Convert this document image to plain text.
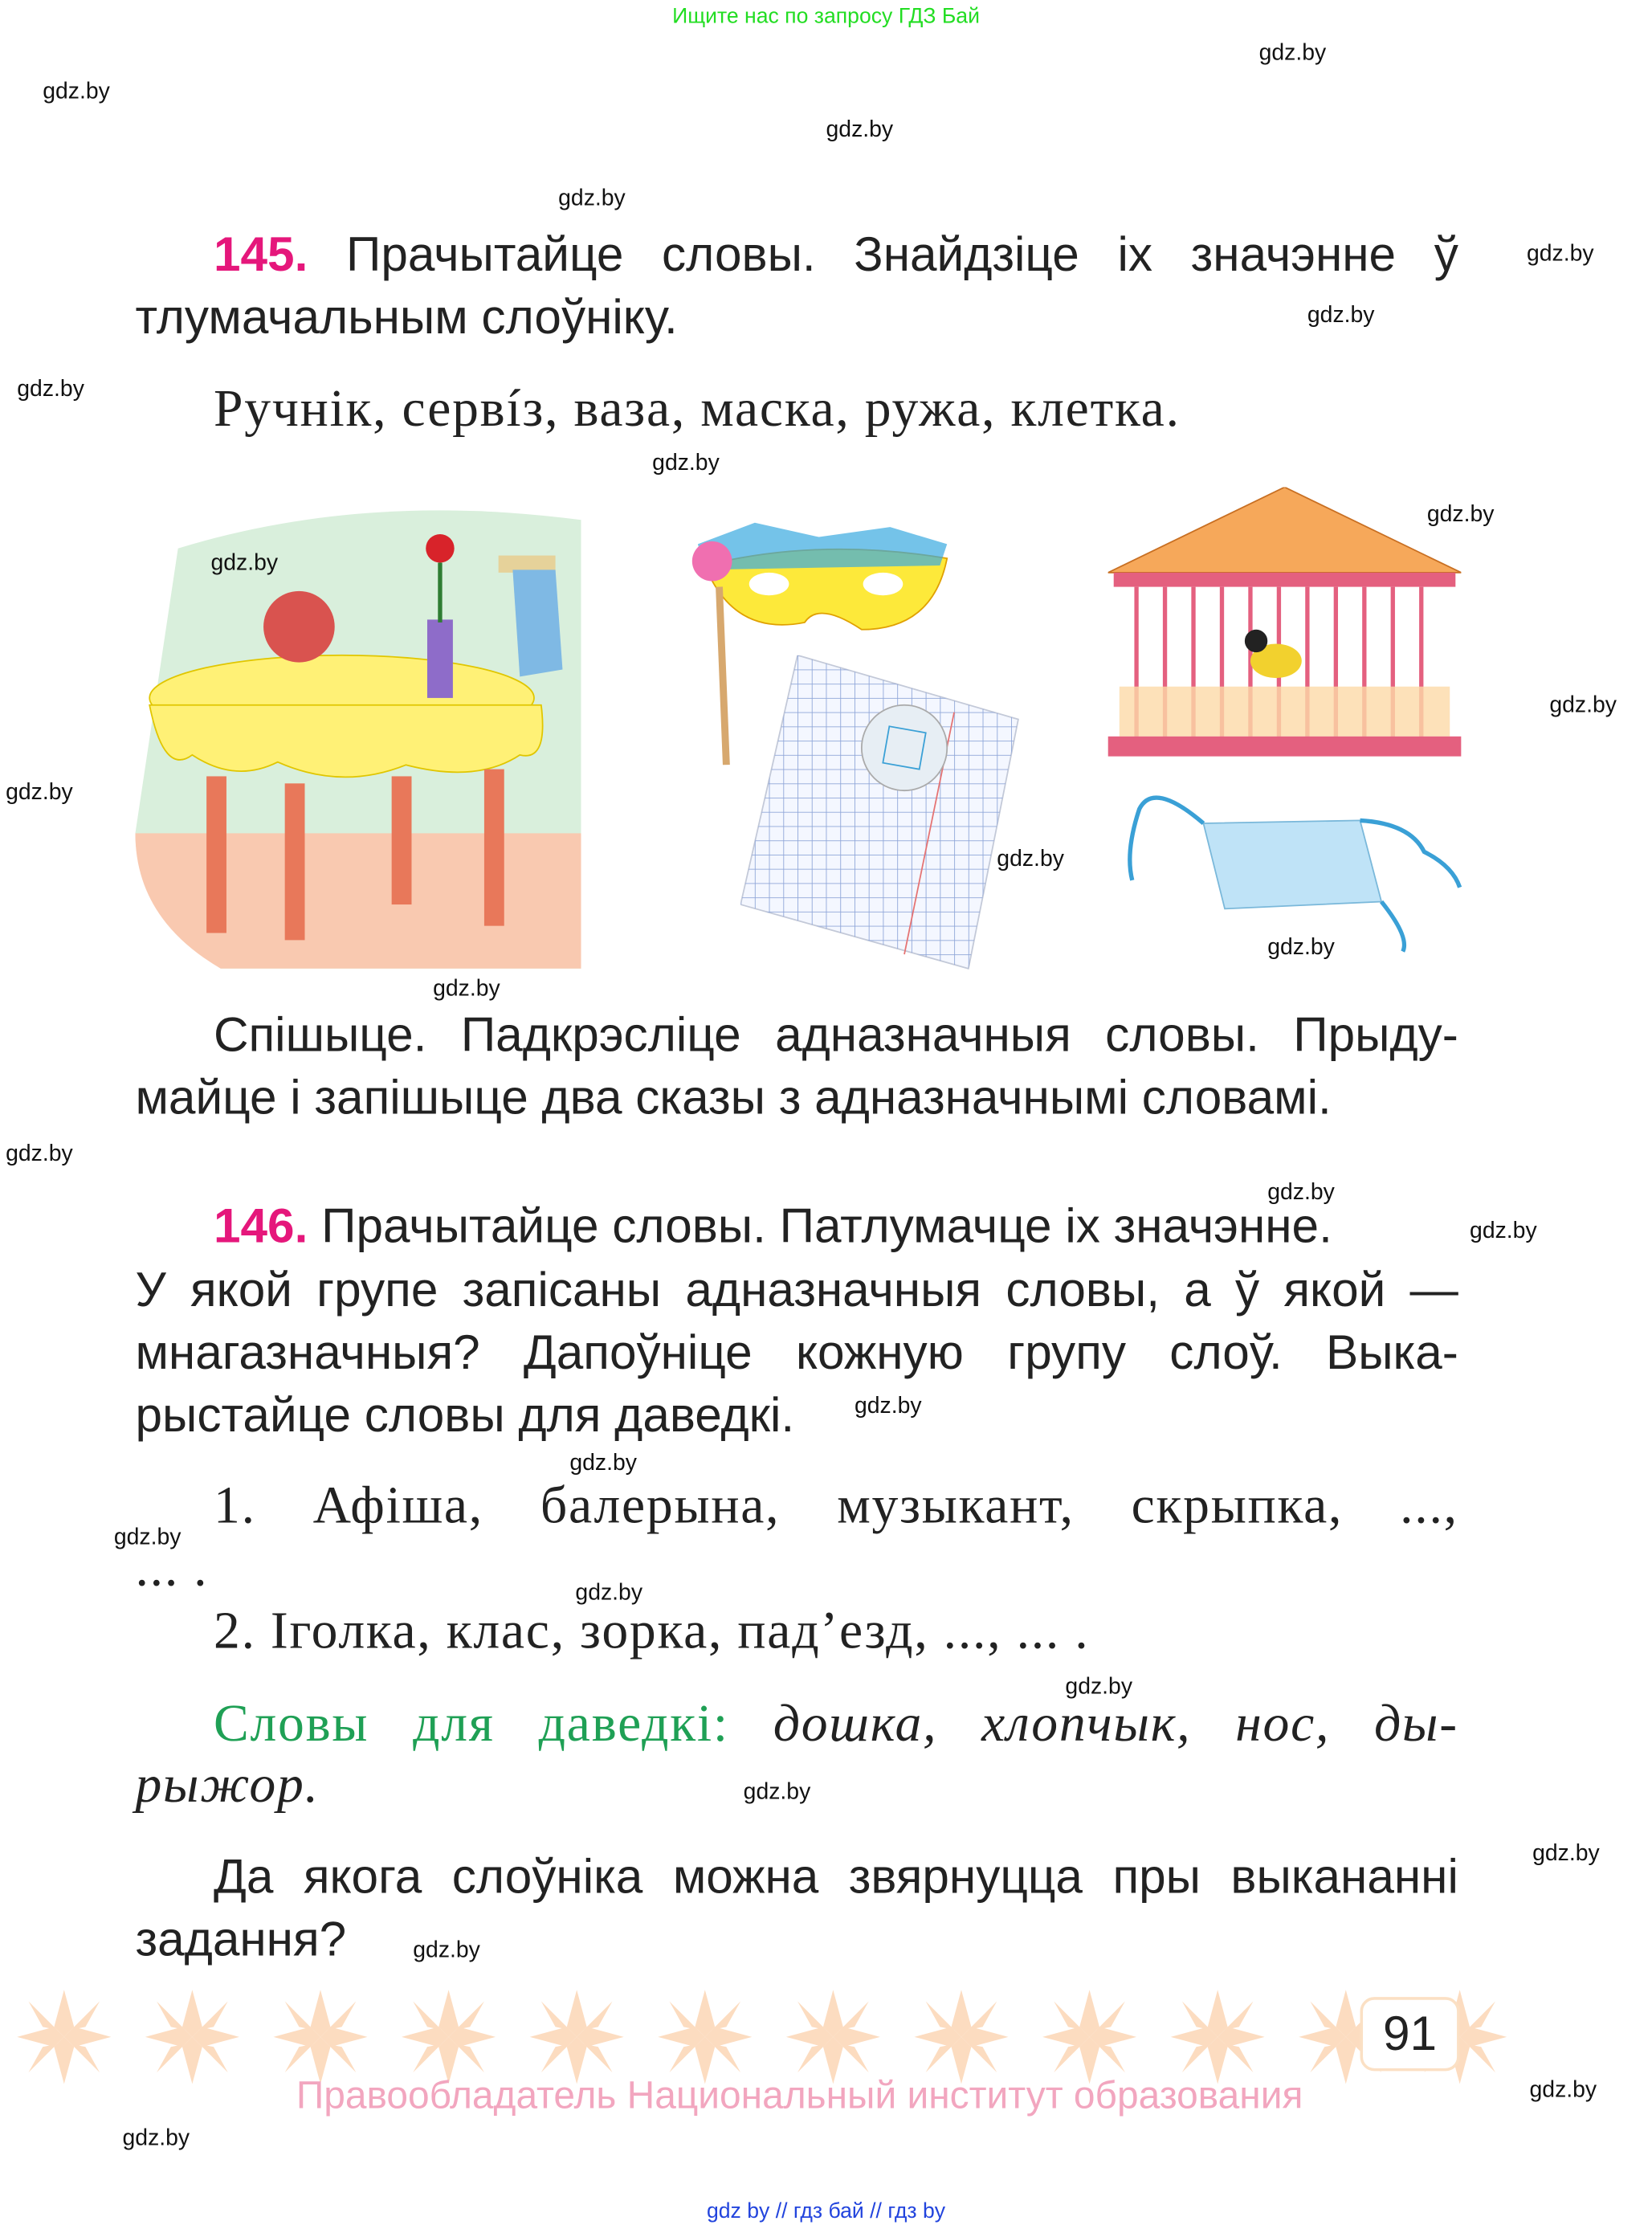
Ищите нас по запросу ГДЗ Бай
gdz.by
gdz.by
gdz.by
gdz.by
gdz.by
gdz.by
gdz.by
gdz.by
gdz.by
gdz.by
gdz.by
gdz.by
gdz.by
gdz.by
gdz.by
gdz.by
gdz.by
gdz.by
gdz.by
gdz.by
gdz.by
gdz.by
gdz.by
gdz.by
gdz.by
gdz.by
gdz.by
gdz.by
145. Прачытайце словы. Знайдзіце іх значэнне ў
тлумачальным слоўніку.
Ручнік, сервíз, ваза, маска, ружа, клетка.
Спішыце. Падкрэсліце адназначныя словы. Прыду-
майце і запішыце два сказы з адназначнымі словамі.
146. Прачытайце словы. Патлумачце іх значэнне.
У якой групе запісаны адназначныя словы, а ў якой —
мнагазначныя? Дапоўніце кожную групу слоў. Выка-
рыстайце словы для даведкі.
1. Афіша, балерына, музыкант, скрыпка, ...,
... .
2. Іголка, клас, зорка, пад’езд, ..., ... .
Словы для даведкі: дошка, хлопчык, нос, ды-
рыжор.
Да якога слоўніка можна звярнуцца пры выкананні
задання?
91
Правообладатель Национальный институт образования
gdz by // гдз бай // гдз by
